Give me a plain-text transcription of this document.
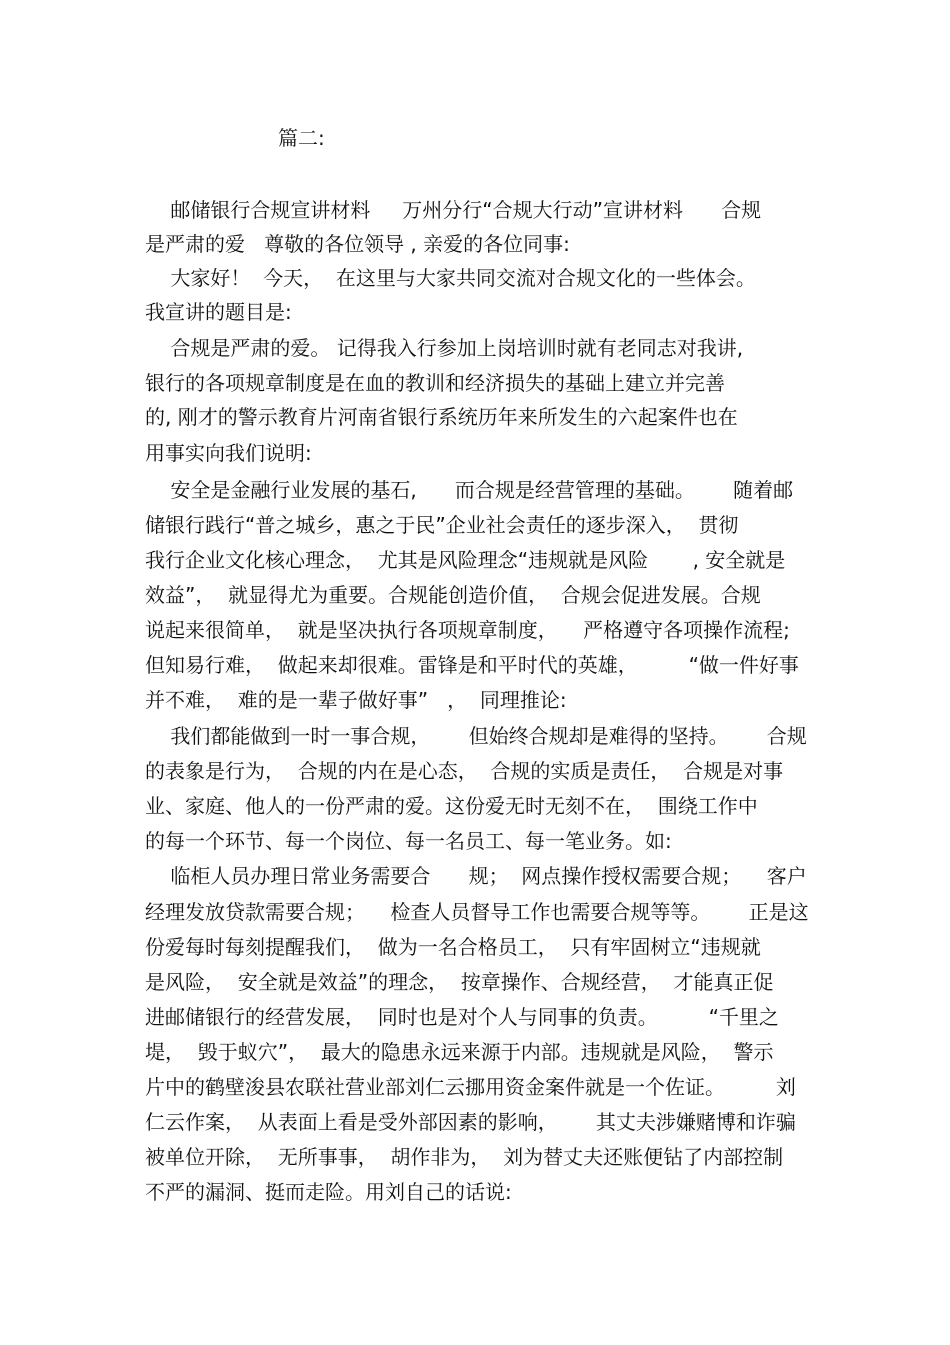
篇二:
邮储银行合规宣讲材料     万州分行“合规大行动”宣讲材料      合规
是严肃的爱   尊敬的各位领导 , 亲爱的各位同事:
大家好！  今天，  在这里与大家共同交流对合规文化的一些体会。
我宣讲的题目是:
合规是严肃的爱。 记得我入行参加上岗培训时就有老同志对我讲,
银行的各项规章制度是在血的教训和经济损失的基础上建立并完善
的, 刚才的警示教育片河南省银行系统历年来所发生的六起案件也在
用事实向我们说明:
安全是金融行业发展的基石,      而合规是经营管理的基础。      随着邮
储银行践行“普之城乡，惠之于民”企业社会责任的逐步深入，  贯彻
我行企业文化核心理念，  尤其是风险理念“违规就是风险       , 安全就是
效益”，  就显得尤为重要。合规能创造价值，  合规会促进发展。合规
说起来很简单，  就是坚决执行各项规章制度，    严格遵守各项操作流程;
但知易行难，  做起来却很难。雷锋是和平时代的英雄，        “做一件好事
并不难，  难的是一辈子做好事”   ，  同理推论:
我们都能做到一时一事合规，      但始终合规却是难得的坚持。      合规
的表象是行为，  合规的内在是心态，  合规的实质是责任，  合规是对事
业、家庭、他人的一份严肃的爱。这份爱无时无刻不在，  围绕工作中
的每一个环节、每一个岗位、每一名员工、每一笔业务。如:
临柜人员办理日常业务需要合      规；  网点操作授权需要合规；    客户
经理发放贷款需要合规；    检查人员督导工作也需要合规等等。      正是这
份爱每时每刻提醒我们，  做为一名合格员工，  只有牢固树立“违规就
是风险，  安全就是效益”的理念，  按章操作、合规经营，  才能真正促
进邮储银行的经营发展，  同时也是对个人与同事的负责。        “千里之
堤，  毁于蚁穴”，  最大的隐患永远来源于内部。违规就是风险，  警示
片中的鹤壁浚县农联社营业部刘仁云挪用资金案件就是一个佐证。        刘
仁云作案，  从表面上看是受外部因素的影响，      其丈夫涉嫌赌博和诈骗
被单位开除，  无所事事，  胡作非为，  刘为替丈夫还账便钻了内部控制
不严的漏洞、挺而走险。用刘自己的话说:
